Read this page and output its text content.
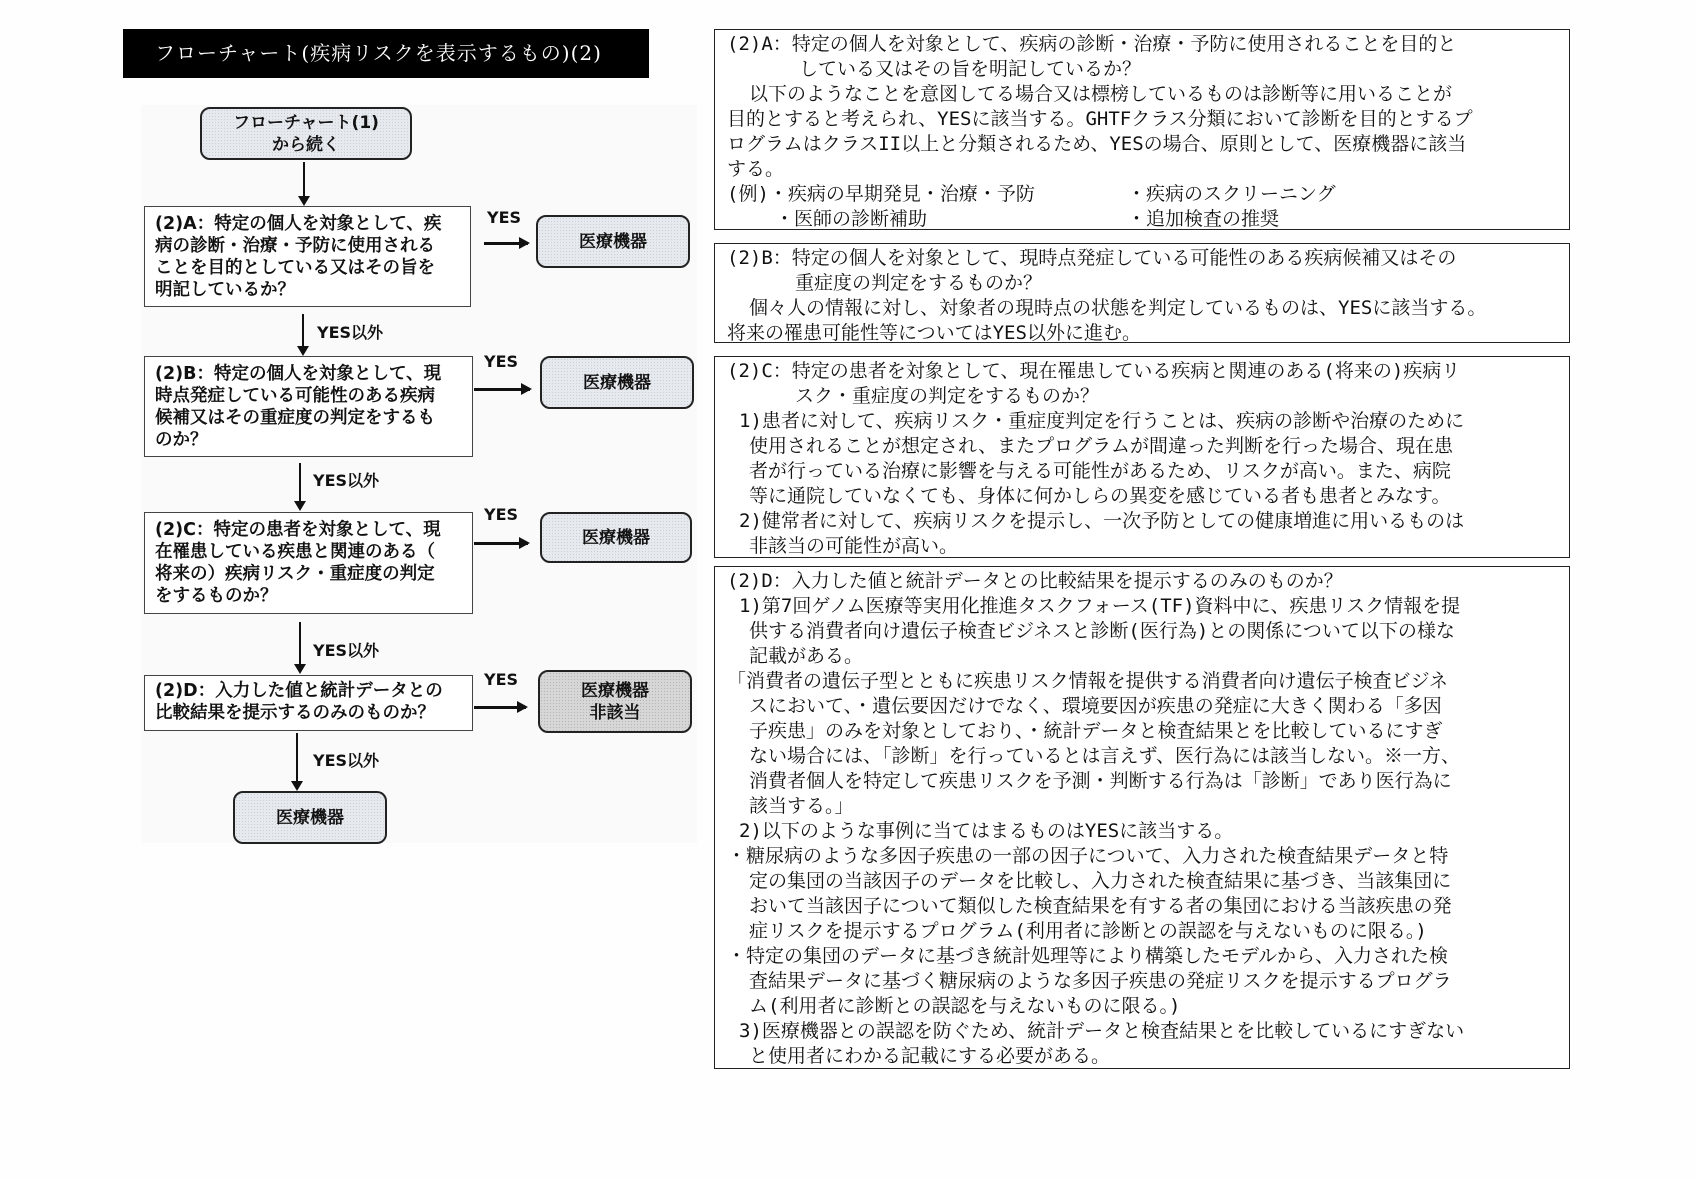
フローチャート(疾病リスクを表示するもの)(2)
フローチャート(1)
から続く
(2)A：特定の個人を対象として、疾
病の診断・治療・予防に使用される
ことを目的としている又はその旨を
明記しているか？
YES
医療機器
YES以外
(2)B：特定の個人を対象として、現
時点発症している可能性のある疾病
候補又はその重症度の判定をするも
のか？
YES
医療機器
YES以外
(2)C：特定の患者を対象として、現
在罹患している疾患と関連のある（
将来の）疾病リスク・重症度の判定
をするものか？
YES
医療機器
YES以外
(2)D：入力した値と統計データとの
比較結果を提示するのみのものか？
YES
医療機器
非該当
YES以外
医療機器
(2)A：特定の個人を対象として、疾病の診断・治療・予防に使用されることを目的と
している又はその旨を明記しているか？
以下のようなことを意図してる場合又は標榜しているものは診断等に用いることが
目的とすると考えられ、YESに該当する。GHTFクラス分類において診断を目的とするプ
ログラムはクラスII以上と分類されるため、YESの場合、原則として、医療機器に該当
する。
(例)・疾病の早期発見・治療・予防	・疾病のスクリーニング
・医師の診断補助	・追加検査の推奨
(2)B：特定の個人を対象として、現時点発症している可能性のある疾病候補又はその
重症度の判定をするものか？
個々人の情報に対し、対象者の現時点の状態を判定しているものは、YESに該当する。
将来の罹患可能性等についてはYES以外に進む。
(2)C：特定の患者を対象として、現在罹患している疾病と関連のある(将来の)疾病リ
スク・重症度の判定をするものか？
1)患者に対して、疾病リスク・重症度判定を行うことは、疾病の診断や治療のために
使用されることが想定され、またプログラムが間違った判断を行った場合、現在患
者が行っている治療に影響を与える可能性があるため、リスクが高い。また、病院
等に通院していなくても、身体に何かしらの異変を感じている者も患者とみなす。
2)健常者に対して、疾病リスクを提示し、一次予防としての健康増進に用いるものは
非該当の可能性が高い。
(2)D：入力した値と統計データとの比較結果を提示するのみのものか？
1)第7回ゲノム医療等実用化推進タスクフォース(TF)資料中に、疾患リスク情報を提
供する消費者向け遺伝子検査ビジネスと診断(医行為)との関係について以下の様な
記載がある。
「消費者の遺伝子型とともに疾患リスク情報を提供する消費者向け遺伝子検査ビジネ
スにおいて、・遺伝要因だけでなく、環境要因が疾患の発症に大きく関わる「多因
子疾患」のみを対象としており、・統計データと検査結果とを比較しているにすぎ
ない場合には、「診断」を行っているとは言えず、医行為には該当しない。※一方、
消費者個人を特定して疾患リスクを予測・判断する行為は「診断」であり医行為に
該当する。」
2)以下のような事例に当てはまるものはYESに該当する。
・糖尿病のような多因子疾患の一部の因子について、入力された検査結果データと特
定の集団の当該因子のデータを比較し、入力された検査結果に基づき、当該集団に
おいて当該因子について類似した検査結果を有する者の集団における当該疾患の発
症リスクを提示するプログラム(利用者に診断との誤認を与えないものに限る。)
・特定の集団のデータに基づき統計処理等により構築したモデルから、入力された検
査結果データに基づく糖尿病のような多因子疾患の発症リスクを提示するプログラ
ム(利用者に診断との誤認を与えないものに限る。)
3)医療機器との誤認を防ぐため、統計データと検査結果とを比較しているにすぎない
と使用者にわかる記載にする必要がある。
